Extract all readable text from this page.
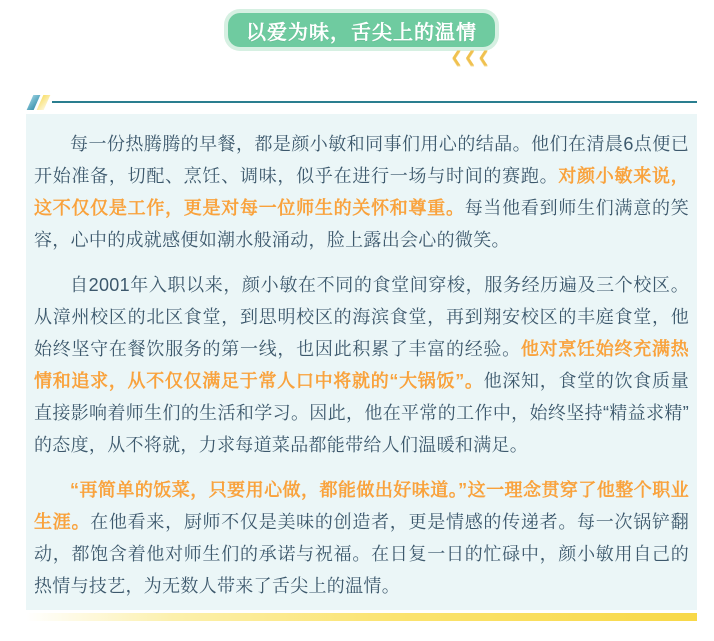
以爱为味，舌尖上的温情
❮❮❮

每一份热腾腾的早餐，都是颜小敏和同事们用心的结晶。他们在清晨6点便已开始准备，切配、烹饪、调味，似乎在进行一场与时间的赛跑。对颜小敏来说，这不仅仅是工作，更是对每一位师生的关怀和尊重。每当他看到师生们满意的笑容，心中的成就感便如潮水般涌动，脸上露出会心的微笑。

自2001年入职以来，颜小敏在不同的食堂间穿梭，服务经历遍及三个校区。从漳州校区的北区食堂，到思明校区的海滨食堂，再到翔安校区的丰庭食堂，他始终坚守在餐饮服务的第一线，也因此积累了丰富的经验。他对烹饪始终充满热情和追求，从不仅仅满足于常人口中将就的“大锅饭”。他深知，食堂的饮食质量直接影响着师生们的生活和学习。因此，他在平常的工作中，始终坚持“精益求精”的态度，从不将就，力求每道菜品都能带给人们温暖和满足。

“再简单的饭菜，只要用心做，都能做出好味道。”这一理念贯穿了他整个职业生涯。在他看来，厨师不仅是美味的创造者，更是情感的传递者。每一次锅铲翻动，都饱含着他对师生们的承诺与祝福。在日复一日的忙碌中，颜小敏用自己的热情与技艺，为无数人带来了舌尖上的温情。
